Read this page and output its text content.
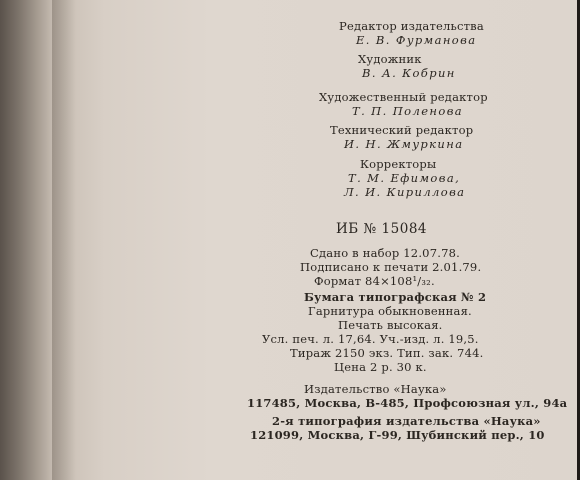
Редактор издательства
Е. В. Фурманова
Художник
В. А. Кобрин
Художественный редактор
Т. П. Поленова
Технический редактор
И. Н. Жмуркина
Корректоры
Т. М. Ефимова,
Л. И. Кириллова
ИБ № 15084
Сдано в набор 12.07.78.
Подписано к печати 2.01.79.
Формат 84×108¹/₃₂.
Бумага типографская № 2
Гарнитура обыкновенная.
Печать высокая.
Усл. печ. л. 17,64. Уч.-изд. л. 19,5.
Тираж 2150 экз. Тип. зак. 744.
Цена 2 р. 30 к.
Издательство «Наука»
117485, Москва, В-485, Профсоюзная ул., 94а
2-я типография издательства «Наука»
121099, Москва, Г-99, Шубинский пер., 10
